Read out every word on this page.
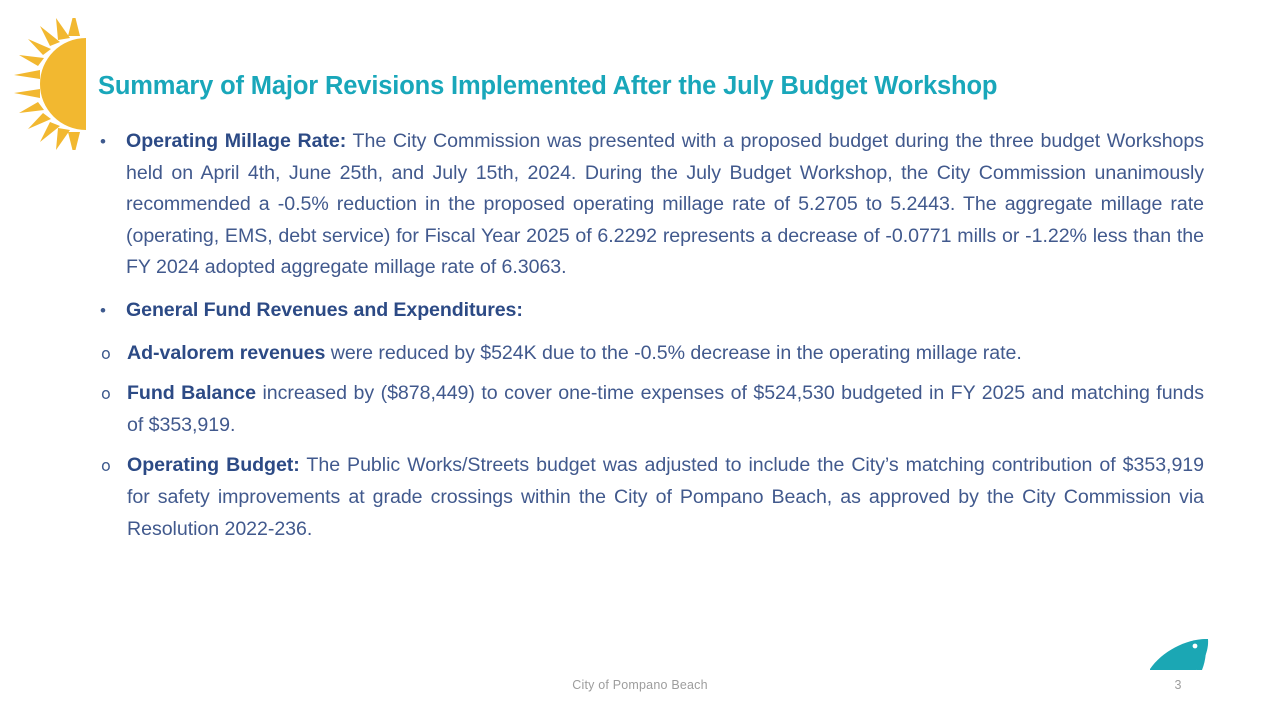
Summary of Major Revisions Implemented After the July Budget Workshop
•	Operating Millage Rate: The City Commission was presented with a proposed budget during the three budget Workshops held on April 4th, June 25th, and July 15th, 2024. During the July Budget Workshop, the City Commission unanimously recommended a -0.5% reduction in the proposed operating millage rate of 5.2705 to 5.2443. The aggregate millage rate (operating, EMS, debt service) for Fiscal Year 2025 of 6.2292 represents a decrease of -0.0771 mills or -1.22% less than the FY 2024 adopted aggregate millage rate of 6.3063.
•	General Fund Revenues and Expenditures:
o Ad-valorem revenues were reduced by $524K due to the -0.5% decrease in the operating millage rate.
o Fund Balance increased by ($878,449) to cover one-time expenses of $524,530 budgeted in FY 2025 and matching funds of $353,919.
o Operating Budget: The Public Works/Streets budget was adjusted to include the City’s matching contribution of $353,919 for safety improvements at grade crossings within the City of Pompano Beach, as approved by the City Commission via Resolution 2022-236.
City of Pompano Beach	3
